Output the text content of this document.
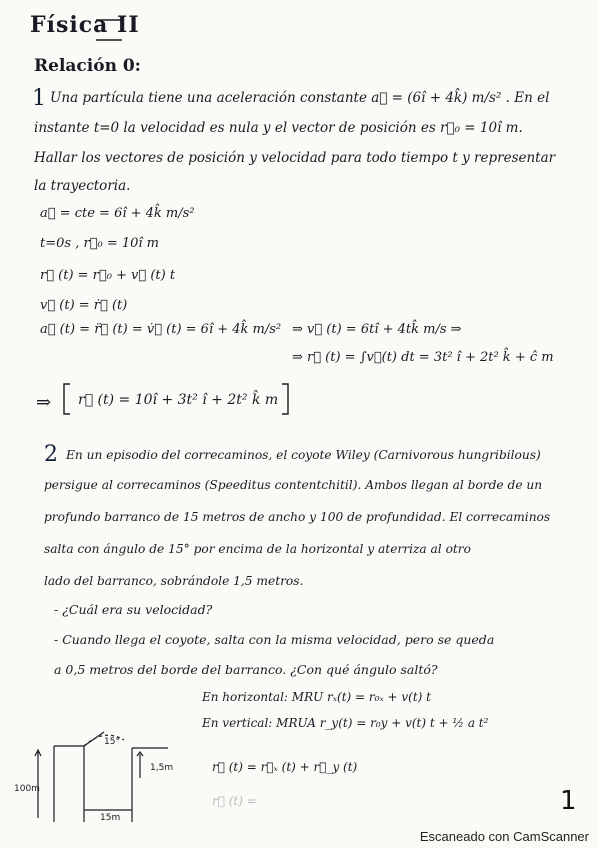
Física II
Relación 0:
1 Una partícula tiene una aceleración constante a⃗ = (6î + 4k̂) m/s² . En el
instante t=0 la velocidad es nula y el vector de posición es r⃗₀ = 10î m.
Hallar los vectores de posición y velocidad para todo tiempo t y representar
la trayectoria.
a⃗ = cte = 6î + 4k̂ m/s²
t=0s , r⃗₀ = 10î m
r⃗ (t) = r⃗₀ + v⃗ (t) t
v⃗ (t) = ṙ⃗ (t)
a⃗ (t) = r̈⃗ (t) = v̇⃗ (t) = 6î + 4k̂ m/s² ⇒ v⃗ (t) = 6tî + 4tk̂ m/s ⇒
⇒ r⃗ (t) = ∫v⃗(t) dt = 3t² î + 2t² k̂ + ĉ m
⇒ r⃗ (t) = 10î + 3t² î + 2t² k̂ m
2 En un episodio del correcaminos, el coyote Wiley (Carnivorous hungribilous)
persigue al correcaminos (Speeditus contentchitil). Ambos llegan al borde de un
profundo barranco de 15 metros de ancho y 100 de profundidad. El correcaminos
salta con ángulo de 15° por encima de la horizontal y aterriza al otro
lado del barranco, sobrándole 1,5 metros.
- ¿Cuál era su velocidad?
- Cuando llega el coyote, salta con la misma velocidad, pero se queda
a 0,5 metros del borde del barranco. ¿Con qué ángulo saltó?
En horizontal: MRU rₓ(t) = r₀ₓ + v(t) t
En vertical: MRUA r_y(t) = r₀y + v(t) t + ½ a t²
r⃗ (t) = r⃗ₓ (t) + r⃗_y (t)
r⃗ (t) =
15°
1,5m
100m
15m
1
Escaneado con CamScanner
